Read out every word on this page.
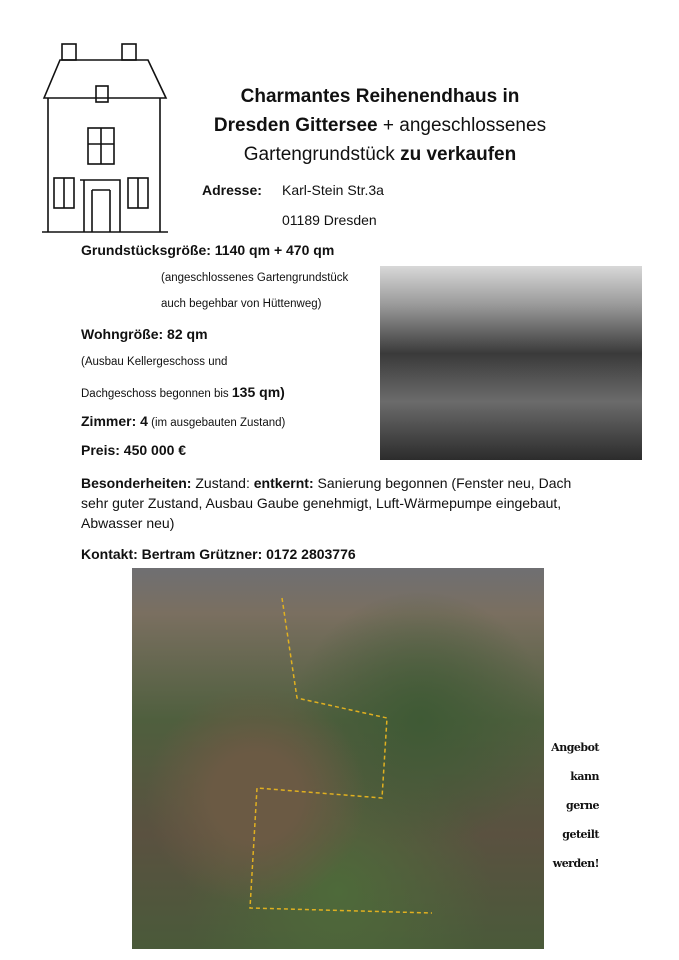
Charmantes Reihenendhaus in
Dresden Gittersee + angeschlossenes
Gartengrundstück zu verkaufen
Adresse: Karl-Stein Str.3a
01189 Dresden
Grundstücksgröße: 1140 qm + 470 qm
(angeschlossenes Gartengrundstück
auch begehbar von Hüttenweg)
Wohngröße: 82 qm
(Ausbau Kellergeschoss und
Dachgeschoss begonnen bis 135 qm)
Zimmer: 4 (im ausgebauten Zustand)
Preis: 450 000 €
Besonderheiten: Zustand: entkernt: Sanierung begonnen (Fenster neu, Dach sehr guter Zustand, Ausbau Gaube genehmigt, Luft-Wärmepumpe eingebaut, Abwasser neu)
Kontakt: Bertram Grützner: 0172 2803776
Angebot
kann
gerne
geteilt
werden!
